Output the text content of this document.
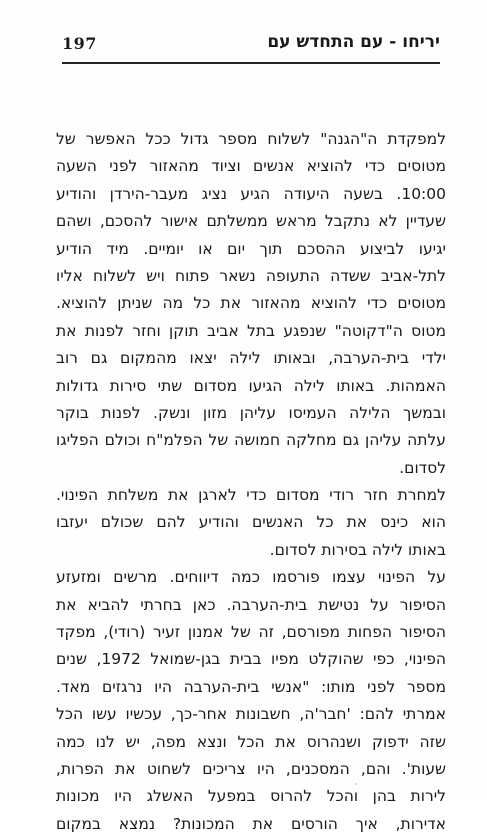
197	יריחו - עם התחדש עם
למפקדת ה"הגנה" לשלוח מספר גדול ככל האפשר של
מטוסים כדי להוציא אנשים וציוד מהאזור לפני השעה
10:00. בשעה היעודה הגיע נציג מעבר-הירדן והודיע
שעדיין לא נתקבל מראש ממשלתם אישור להסכם, ושהם
יגיעו לביצוע ההסכם תוך יום או יומיים. מיד הודיע
לתל-אביב ששדה התעופה נשאר פתוח ויש לשלוח אליו
מטוסים כדי להוציא מהאזור את כל מה שניתן להוציא.
מטוס ה"דקוטה" שנפגע בתל אביב תוקן וחזר לפנות את
ילדי בית-הערבה, ובאותו לילה יצאו מהמקום גם רוב
האמהות. באותו לילה הגיעו מסדום שתי סירות גדולות
ובמשך הלילה העמיסו עליהן מזון ונשק. לפנות בוקר
עלתה עליהן גם מחלקה חמושה של הפלמ"ח וכולם הפליגו
לסדום.
למחרת חזר רודי מסדום כדי לארגן את משלחת הפינוי.
הוא כינס את כל האנשים והודיע להם שכולם יעזבו
באותו לילה בסירות לסדום.
על הפינוי עצמו פורסמו כמה דיווחים. מרשים ומזעזע
הסיפור על נטישת בית-הערבה. כאן בחרתי להביא את
הסיפור הפחות מפורסם, זה של אמנון זעיר (רודי), מפקד
הפינוי, כפי שהוקלט מפיו בבית בגן-שמואל 1972, שנים
מספר לפני מותו: "אנשי בית-הערבה היו נרגזים מאד.
אמרתי להם: 'חבר'ה, חשבונות אחר-כך, עכשיו עשו הכל
שזה ידפוק ושנהרוס את הכל ונצא מפה, יש לנו כמה
שעות'. והם, המסכנים, היו צריכים לשחוט את הפרות,
לירות בהן והכל להרוס במפעל האשלג היו מכונות
אדירות, איך הורסים את המכונות? נמצא במקום
